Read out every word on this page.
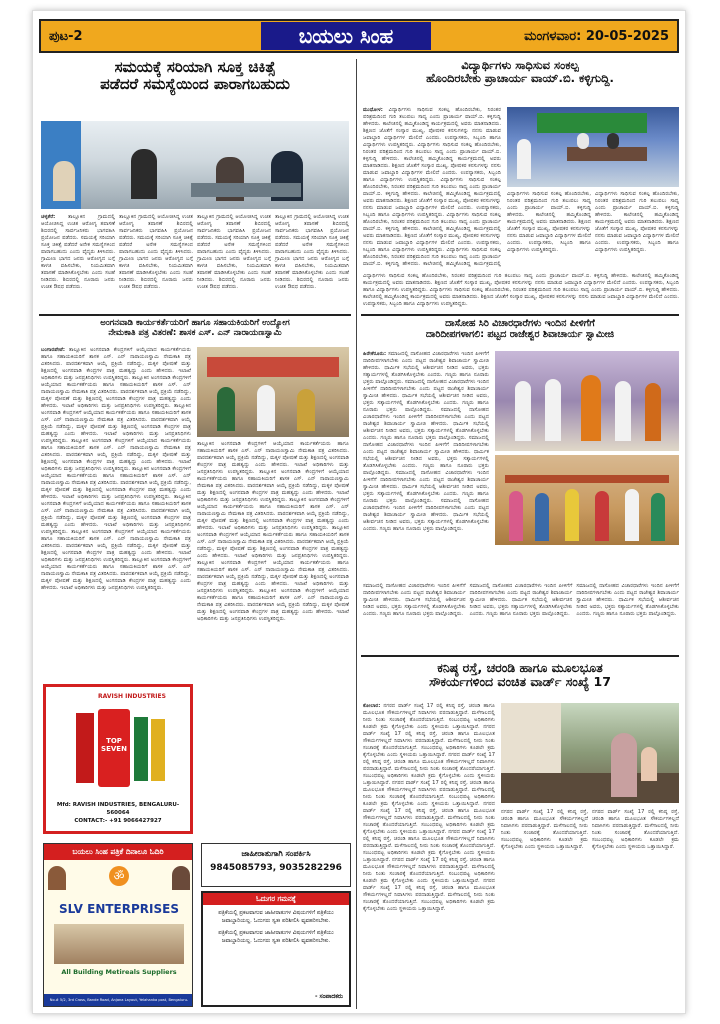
ಪುಟ-2	ಬಯಲು ಸಿಂಹ	ಮಂಗಳವಾರ: 20-05-2025
ಸಮಯಕ್ಕೆ ಸರಿಯಾಗಿ ಸೂಕ್ತ ಚಿಕಿತ್ಸೆ
ಪಡೆದರೆ ಸಮಸ್ಯೆಯಿಂದ ಪಾರಾಗಬಹುದು
ಚಳ್ಳಕೆರೆ: ತಾಲ್ಲೂಕಿನ ಗ್ರಾಮದಲ್ಲಿ ಆಯೋಜಿಸಿದ್ದ ಉಚಿತ ಆರೋಗ್ಯ ತಪಾಸಣೆ ಶಿಬಿರದಲ್ಲಿ ಸಾರ್ವಜನಿಕರು ಭಾಗವಹಿಸಿ ಪ್ರಯೋಜನ ಪಡೆದರು. ಸಮಯಕ್ಕೆ ಸರಿಯಾಗಿ ಸೂಕ್ತ ಚಿಕಿತ್ಸೆ ಪಡೆದರೆ ಅನೇಕ ಸಮಸ್ಯೆಗಳಿಂದ ಪಾರಾಗಬಹುದು ಎಂದು ವೈದ್ಯರು ತಿಳಿಸಿದರು. ಗ್ರಾಮೀಣ ಭಾಗದ ಜನರು ಆರೋಗ್ಯದ ಬಗ್ಗೆ ಕಾಳಜಿ ವಹಿಸಬೇಕು, ನಿಯಮಿತವಾಗಿ ತಪಾಸಣೆ ಮಾಡಿಸಿಕೊಳ್ಳಬೇಕು ಎಂದು ಸಲಹೆ ನೀಡಿದರು. ಶಿಬಿರದಲ್ಲಿ ನೂರಾರು ಜನರು ಉಚಿತ ಔಷಧ ಪಡೆದರು.
ತಾಲ್ಲೂಕಿನ ಗ್ರಾಮದಲ್ಲಿ ಆಯೋಜಿಸಿದ್ದ ಉಚಿತ ಆರೋಗ್ಯ ತಪಾಸಣೆ ಶಿಬಿರದಲ್ಲಿ ಸಾರ್ವಜನಿಕರು ಭಾಗವಹಿಸಿ ಪ್ರಯೋಜನ ಪಡೆದರು. ಸಮಯಕ್ಕೆ ಸರಿಯಾಗಿ ಸೂಕ್ತ ಚಿಕಿತ್ಸೆ ಪಡೆದರೆ ಅನೇಕ ಸಮಸ್ಯೆಗಳಿಂದ ಪಾರಾಗಬಹುದು ಎಂದು ವೈದ್ಯರು ತಿಳಿಸಿದರು. ಗ್ರಾಮೀಣ ಭಾಗದ ಜನರು ಆರೋಗ್ಯದ ಬಗ್ಗೆ ಕಾಳಜಿ ವಹಿಸಬೇಕು, ನಿಯಮಿತವಾಗಿ ತಪಾಸಣೆ ಮಾಡಿಸಿಕೊಳ್ಳಬೇಕು ಎಂದು ಸಲಹೆ ನೀಡಿದರು. ಶಿಬಿರದಲ್ಲಿ ನೂರಾರು ಜನರು ಉಚಿತ ಔಷಧ ಪಡೆದರು.
ತಾಲ್ಲೂಕಿನ ಗ್ರಾಮದಲ್ಲಿ ಆಯೋಜಿಸಿದ್ದ ಉಚಿತ ಆರೋಗ್ಯ ತಪಾಸಣೆ ಶಿಬಿರದಲ್ಲಿ ಸಾರ್ವಜನಿಕರು ಭಾಗವಹಿಸಿ ಪ್ರಯೋಜನ ಪಡೆದರು. ಸಮಯಕ್ಕೆ ಸರಿಯಾಗಿ ಸೂಕ್ತ ಚಿಕಿತ್ಸೆ ಪಡೆದರೆ ಅನೇಕ ಸಮಸ್ಯೆಗಳಿಂದ ಪಾರಾಗಬಹುದು ಎಂದು ವೈದ್ಯರು ತಿಳಿಸಿದರು. ಗ್ರಾಮೀಣ ಭಾಗದ ಜನರು ಆರೋಗ್ಯದ ಬಗ್ಗೆ ಕಾಳಜಿ ವಹಿಸಬೇಕು, ನಿಯಮಿತವಾಗಿ ತಪಾಸಣೆ ಮಾಡಿಸಿಕೊಳ್ಳಬೇಕು ಎಂದು ಸಲಹೆ ನೀಡಿದರು. ಶಿಬಿರದಲ್ಲಿ ನೂರಾರು ಜನರು ಉಚಿತ ಔಷಧ ಪಡೆದರು.
ತಾಲ್ಲೂಕಿನ ಗ್ರಾಮದಲ್ಲಿ ಆಯೋಜಿಸಿದ್ದ ಉಚಿತ ಆರೋಗ್ಯ ತಪಾಸಣೆ ಶಿಬಿರದಲ್ಲಿ ಸಾರ್ವಜನಿಕರು ಭಾಗವಹಿಸಿ ಪ್ರಯೋಜನ ಪಡೆದರು. ಸಮಯಕ್ಕೆ ಸರಿಯಾಗಿ ಸೂಕ್ತ ಚಿಕಿತ್ಸೆ ಪಡೆದರೆ ಅನೇಕ ಸಮಸ್ಯೆಗಳಿಂದ ಪಾರಾಗಬಹುದು ಎಂದು ವೈದ್ಯರು ತಿಳಿಸಿದರು. ಗ್ರಾಮೀಣ ಭಾಗದ ಜನರು ಆರೋಗ್ಯದ ಬಗ್ಗೆ ಕಾಳಜಿ ವಹಿಸಬೇಕು, ನಿಯಮಿತವಾಗಿ ತಪಾಸಣೆ ಮಾಡಿಸಿಕೊಳ್ಳಬೇಕು ಎಂದು ಸಲಹೆ ನೀಡಿದರು. ಶಿಬಿರದಲ್ಲಿ ನೂರಾರು ಜನರು ಉಚಿತ ಔಷಧ ಪಡೆದರು.
ಅಂಗನವಾಡಿ ಕಾರ್ಯಕರ್ತೆಯರಿಗೆ ಹಾಗೂ ಸಹಾಯಕಿಯರಿಗೆ ಉದ್ಯೋಗ
ನೇಮಕಾತಿ ಪತ್ರ ವಿತರಣೆ: ಶಾಸಕ ಎಸ್. ಎನ್ ನಾರಾಯಣಸ್ವಾಮಿ
ಬಂಗಾರಪೇಟೆ: ತಾಲ್ಲೂಕಿನ ಅಂಗನವಾಡಿ ಕೇಂದ್ರಗಳಿಗೆ ಆಯ್ಕೆಯಾದ ಕಾರ್ಯಕರ್ತೆಯರು ಹಾಗೂ ಸಹಾಯಕಿಯರಿಗೆ ಶಾಸಕ ಎಸ್. ಎನ್ ನಾರಾಯಣಸ್ವಾಮಿ ನೇಮಕಾತಿ ಪತ್ರ ವಿತರಿಸಿದರು. ಪಾರದರ್ಶಕವಾಗಿ ಆಯ್ಕೆ ಪ್ರಕ್ರಿಯೆ ನಡೆದಿದ್ದು, ಮಕ್ಕಳ ಪೋಷಣೆ ಮತ್ತು ಶಿಕ್ಷಣದಲ್ಲಿ ಅಂಗನವಾಡಿ ಕೇಂದ್ರಗಳ ಪಾತ್ರ ಮಹತ್ವದ್ದು ಎಂದು ಹೇಳಿದರು. ಇಲಾಖೆ ಅಧಿಕಾರಿಗಳು ಮತ್ತು ಜನಪ್ರತಿನಿಧಿಗಳು ಉಪಸ್ಥಿತರಿದ್ದರು. ತಾಲ್ಲೂಕಿನ ಅಂಗನವಾಡಿ ಕೇಂದ್ರಗಳಿಗೆ ಆಯ್ಕೆಯಾದ ಕಾರ್ಯಕರ್ತೆಯರು ಹಾಗೂ ಸಹಾಯಕಿಯರಿಗೆ ಶಾಸಕ ಎಸ್. ಎನ್ ನಾರಾಯಣಸ್ವಾಮಿ ನೇಮಕಾತಿ ಪತ್ರ ವಿತರಿಸಿದರು. ಪಾರದರ್ಶಕವಾಗಿ ಆಯ್ಕೆ ಪ್ರಕ್ರಿಯೆ ನಡೆದಿದ್ದು, ಮಕ್ಕಳ ಪೋಷಣೆ ಮತ್ತು ಶಿಕ್ಷಣದಲ್ಲಿ ಅಂಗನವಾಡಿ ಕೇಂದ್ರಗಳ ಪಾತ್ರ ಮಹತ್ವದ್ದು ಎಂದು ಹೇಳಿದರು. ಇಲಾಖೆ ಅಧಿಕಾರಿಗಳು ಮತ್ತು ಜನಪ್ರತಿನಿಧಿಗಳು ಉಪಸ್ಥಿತರಿದ್ದರು. ತಾಲ್ಲೂಕಿನ ಅಂಗನವಾಡಿ ಕೇಂದ್ರಗಳಿಗೆ ಆಯ್ಕೆಯಾದ ಕಾರ್ಯಕರ್ತೆಯರು ಹಾಗೂ ಸಹಾಯಕಿಯರಿಗೆ ಶಾಸಕ ಎಸ್. ಎನ್ ನಾರಾಯಣಸ್ವಾಮಿ ನೇಮಕಾತಿ ಪತ್ರ ವಿತರಿಸಿದರು. ಪಾರದರ್ಶಕವಾಗಿ ಆಯ್ಕೆ ಪ್ರಕ್ರಿಯೆ ನಡೆದಿದ್ದು, ಮಕ್ಕಳ ಪೋಷಣೆ ಮತ್ತು ಶಿಕ್ಷಣದಲ್ಲಿ ಅಂಗನವಾಡಿ ಕೇಂದ್ರಗಳ ಪಾತ್ರ ಮಹತ್ವದ್ದು ಎಂದು ಹೇಳಿದರು. ಇಲಾಖೆ ಅಧಿಕಾರಿಗಳು ಮತ್ತು ಜನಪ್ರತಿನಿಧಿಗಳು ಉಪಸ್ಥಿತರಿದ್ದರು. ತಾಲ್ಲೂಕಿನ ಅಂಗನವಾಡಿ ಕೇಂದ್ರಗಳಿಗೆ ಆಯ್ಕೆಯಾದ ಕಾರ್ಯಕರ್ತೆಯರು ಹಾಗೂ ಸಹಾಯಕಿಯರಿಗೆ ಶಾಸಕ ಎಸ್. ಎನ್ ನಾರಾಯಣಸ್ವಾಮಿ ನೇಮಕಾತಿ ಪತ್ರ ವಿತರಿಸಿದರು. ಪಾರದರ್ಶಕವಾಗಿ ಆಯ್ಕೆ ಪ್ರಕ್ರಿಯೆ ನಡೆದಿದ್ದು, ಮಕ್ಕಳ ಪೋಷಣೆ ಮತ್ತು ಶಿಕ್ಷಣದಲ್ಲಿ ಅಂಗನವಾಡಿ ಕೇಂದ್ರಗಳ ಪಾತ್ರ ಮಹತ್ವದ್ದು ಎಂದು ಹೇಳಿದರು. ಇಲಾಖೆ ಅಧಿಕಾರಿಗಳು ಮತ್ತು ಜನಪ್ರತಿನಿಧಿಗಳು ಉಪಸ್ಥಿತರಿದ್ದರು. ತಾಲ್ಲೂಕಿನ ಅಂಗನವಾಡಿ ಕೇಂದ್ರಗಳಿಗೆ ಆಯ್ಕೆಯಾದ ಕಾರ್ಯಕರ್ತೆಯರು ಹಾಗೂ ಸಹಾಯಕಿಯರಿಗೆ ಶಾಸಕ ಎಸ್. ಎನ್ ನಾರಾಯಣಸ್ವಾಮಿ ನೇಮಕಾತಿ ಪತ್ರ ವಿತರಿಸಿದರು. ಪಾರದರ್ಶಕವಾಗಿ ಆಯ್ಕೆ ಪ್ರಕ್ರಿಯೆ ನಡೆದಿದ್ದು, ಮಕ್ಕಳ ಪೋಷಣೆ ಮತ್ತು ಶಿಕ್ಷಣದಲ್ಲಿ ಅಂಗನವಾಡಿ ಕೇಂದ್ರಗಳ ಪಾತ್ರ ಮಹತ್ವದ್ದು ಎಂದು ಹೇಳಿದರು. ಇಲಾಖೆ ಅಧಿಕಾರಿಗಳು ಮತ್ತು ಜನಪ್ರತಿನಿಧಿಗಳು ಉಪಸ್ಥಿತರಿದ್ದರು. ತಾಲ್ಲೂಕಿನ ಅಂಗನವಾಡಿ ಕೇಂದ್ರಗಳಿಗೆ ಆಯ್ಕೆಯಾದ ಕಾರ್ಯಕರ್ತೆಯರು ಹಾಗೂ ಸಹಾಯಕಿಯರಿಗೆ ಶಾಸಕ ಎಸ್. ಎನ್ ನಾರಾಯಣಸ್ವಾಮಿ ನೇಮಕಾತಿ ಪತ್ರ ವಿತರಿಸಿದರು. ಪಾರದರ್ಶಕವಾಗಿ ಆಯ್ಕೆ ಪ್ರಕ್ರಿಯೆ ನಡೆದಿದ್ದು, ಮಕ್ಕಳ ಪೋಷಣೆ ಮತ್ತು ಶಿಕ್ಷಣದಲ್ಲಿ ಅಂಗನವಾಡಿ ಕೇಂದ್ರಗಳ ಪಾತ್ರ ಮಹತ್ವದ್ದು ಎಂದು ಹೇಳಿದರು. ಇಲಾಖೆ ಅಧಿಕಾರಿಗಳು ಮತ್ತು ಜನಪ್ರತಿನಿಧಿಗಳು ಉಪಸ್ಥಿತರಿದ್ದರು. ತಾಲ್ಲೂಕಿನ ಅಂಗನವಾಡಿ ಕೇಂದ್ರಗಳಿಗೆ ಆಯ್ಕೆಯಾದ ಕಾರ್ಯಕರ್ತೆಯರು ಹಾಗೂ ಸಹಾಯಕಿಯರಿಗೆ ಶಾಸಕ ಎಸ್. ಎನ್ ನಾರಾಯಣಸ್ವಾಮಿ ನೇಮಕಾತಿ ಪತ್ರ ವಿತರಿಸಿದರು. ಪಾರದರ್ಶಕವಾಗಿ ಆಯ್ಕೆ ಪ್ರಕ್ರಿಯೆ ನಡೆದಿದ್ದು, ಮಕ್ಕಳ ಪೋಷಣೆ ಮತ್ತು ಶಿಕ್ಷಣದಲ್ಲಿ ಅಂಗನವಾಡಿ ಕೇಂದ್ರಗಳ ಪಾತ್ರ ಮಹತ್ವದ್ದು ಎಂದು ಹೇಳಿದರು. ಇಲಾಖೆ ಅಧಿಕಾರಿಗಳು ಮತ್ತು ಜನಪ್ರತಿನಿಧಿಗಳು ಉಪಸ್ಥಿತರಿದ್ದರು. ತಾಲ್ಲೂಕಿನ ಅಂಗನವಾಡಿ ಕೇಂದ್ರಗಳಿಗೆ ಆಯ್ಕೆಯಾದ ಕಾರ್ಯಕರ್ತೆಯರು ಹಾಗೂ ಸಹಾಯಕಿಯರಿಗೆ ಶಾಸಕ ಎಸ್. ಎನ್ ನಾರಾಯಣಸ್ವಾಮಿ ನೇಮಕಾತಿ ಪತ್ರ ವಿತರಿಸಿದರು. ಪಾರದರ್ಶಕವಾಗಿ ಆಯ್ಕೆ ಪ್ರಕ್ರಿಯೆ ನಡೆದಿದ್ದು, ಮಕ್ಕಳ ಪೋಷಣೆ ಮತ್ತು ಶಿಕ್ಷಣದಲ್ಲಿ ಅಂಗನವಾಡಿ ಕೇಂದ್ರಗಳ ಪಾತ್ರ ಮಹತ್ವದ್ದು ಎಂದು ಹೇಳಿದರು. ಇಲಾಖೆ ಅಧಿಕಾರಿಗಳು ಮತ್ತು ಜನಪ್ರತಿನಿಧಿಗಳು ಉಪಸ್ಥಿತರಿದ್ದರು.
ತಾಲ್ಲೂಕಿನ ಅಂಗನವಾಡಿ ಕೇಂದ್ರಗಳಿಗೆ ಆಯ್ಕೆಯಾದ ಕಾರ್ಯಕರ್ತೆಯರು ಹಾಗೂ ಸಹಾಯಕಿಯರಿಗೆ ಶಾಸಕ ಎಸ್. ಎನ್ ನಾರಾಯಣಸ್ವಾಮಿ ನೇಮಕಾತಿ ಪತ್ರ ವಿತರಿಸಿದರು. ಪಾರದರ್ಶಕವಾಗಿ ಆಯ್ಕೆ ಪ್ರಕ್ರಿಯೆ ನಡೆದಿದ್ದು, ಮಕ್ಕಳ ಪೋಷಣೆ ಮತ್ತು ಶಿಕ್ಷಣದಲ್ಲಿ ಅಂಗನವಾಡಿ ಕೇಂದ್ರಗಳ ಪಾತ್ರ ಮಹತ್ವದ್ದು ಎಂದು ಹೇಳಿದರು. ಇಲಾಖೆ ಅಧಿಕಾರಿಗಳು ಮತ್ತು ಜನಪ್ರತಿನಿಧಿಗಳು ಉಪಸ್ಥಿತರಿದ್ದರು. ತಾಲ್ಲೂಕಿನ ಅಂಗನವಾಡಿ ಕೇಂದ್ರಗಳಿಗೆ ಆಯ್ಕೆಯಾದ ಕಾರ್ಯಕರ್ತೆಯರು ಹಾಗೂ ಸಹಾಯಕಿಯರಿಗೆ ಶಾಸಕ ಎಸ್. ಎನ್ ನಾರಾಯಣಸ್ವಾಮಿ ನೇಮಕಾತಿ ಪತ್ರ ವಿತರಿಸಿದರು. ಪಾರದರ್ಶಕವಾಗಿ ಆಯ್ಕೆ ಪ್ರಕ್ರಿಯೆ ನಡೆದಿದ್ದು, ಮಕ್ಕಳ ಪೋಷಣೆ ಮತ್ತು ಶಿಕ್ಷಣದಲ್ಲಿ ಅಂಗನವಾಡಿ ಕೇಂದ್ರಗಳ ಪಾತ್ರ ಮಹತ್ವದ್ದು ಎಂದು ಹೇಳಿದರು. ಇಲಾಖೆ ಅಧಿಕಾರಿಗಳು ಮತ್ತು ಜನಪ್ರತಿನಿಧಿಗಳು ಉಪಸ್ಥಿತರಿದ್ದರು. ತಾಲ್ಲೂಕಿನ ಅಂಗನವಾಡಿ ಕೇಂದ್ರಗಳಿಗೆ ಆಯ್ಕೆಯಾದ ಕಾರ್ಯಕರ್ತೆಯರು ಹಾಗೂ ಸಹಾಯಕಿಯರಿಗೆ ಶಾಸಕ ಎಸ್. ಎನ್ ನಾರಾಯಣಸ್ವಾಮಿ ನೇಮಕಾತಿ ಪತ್ರ ವಿತರಿಸಿದರು. ಪಾರದರ್ಶಕವಾಗಿ ಆಯ್ಕೆ ಪ್ರಕ್ರಿಯೆ ನಡೆದಿದ್ದು, ಮಕ್ಕಳ ಪೋಷಣೆ ಮತ್ತು ಶಿಕ್ಷಣದಲ್ಲಿ ಅಂಗನವಾಡಿ ಕೇಂದ್ರಗಳ ಪಾತ್ರ ಮಹತ್ವದ್ದು ಎಂದು ಹೇಳಿದರು. ಇಲಾಖೆ ಅಧಿಕಾರಿಗಳು ಮತ್ತು ಜನಪ್ರತಿನಿಧಿಗಳು ಉಪಸ್ಥಿತರಿದ್ದರು. ತಾಲ್ಲೂಕಿನ ಅಂಗನವಾಡಿ ಕೇಂದ್ರಗಳಿಗೆ ಆಯ್ಕೆಯಾದ ಕಾರ್ಯಕರ್ತೆಯರು ಹಾಗೂ ಸಹಾಯಕಿಯರಿಗೆ ಶಾಸಕ ಎಸ್. ಎನ್ ನಾರಾಯಣಸ್ವಾಮಿ ನೇಮಕಾತಿ ಪತ್ರ ವಿತರಿಸಿದರು. ಪಾರದರ್ಶಕವಾಗಿ ಆಯ್ಕೆ ಪ್ರಕ್ರಿಯೆ ನಡೆದಿದ್ದು, ಮಕ್ಕಳ ಪೋಷಣೆ ಮತ್ತು ಶಿಕ್ಷಣದಲ್ಲಿ ಅಂಗನವಾಡಿ ಕೇಂದ್ರಗಳ ಪಾತ್ರ ಮಹತ್ವದ್ದು ಎಂದು ಹೇಳಿದರು. ಇಲಾಖೆ ಅಧಿಕಾರಿಗಳು ಮತ್ತು ಜನಪ್ರತಿನಿಧಿಗಳು ಉಪಸ್ಥಿತರಿದ್ದರು. ತಾಲ್ಲೂಕಿನ ಅಂಗನವಾಡಿ ಕೇಂದ್ರಗಳಿಗೆ ಆಯ್ಕೆಯಾದ ಕಾರ್ಯಕರ್ತೆಯರು ಹಾಗೂ ಸಹಾಯಕಿಯರಿಗೆ ಶಾಸಕ ಎಸ್. ಎನ್ ನಾರಾಯಣಸ್ವಾಮಿ ನೇಮಕಾತಿ ಪತ್ರ ವಿತರಿಸಿದರು. ಪಾರದರ್ಶಕವಾಗಿ ಆಯ್ಕೆ ಪ್ರಕ್ರಿಯೆ ನಡೆದಿದ್ದು, ಮಕ್ಕಳ ಪೋಷಣೆ ಮತ್ತು ಶಿಕ್ಷಣದಲ್ಲಿ ಅಂಗನವಾಡಿ ಕೇಂದ್ರಗಳ ಪಾತ್ರ ಮಹತ್ವದ್ದು ಎಂದು ಹೇಳಿದರು. ಇಲಾಖೆ ಅಧಿಕಾರಿಗಳು ಮತ್ತು ಜನಪ್ರತಿನಿಧಿಗಳು ಉಪಸ್ಥಿತರಿದ್ದರು. ತಾಲ್ಲೂಕಿನ ಅಂಗನವಾಡಿ ಕೇಂದ್ರಗಳಿಗೆ ಆಯ್ಕೆಯಾದ ಕಾರ್ಯಕರ್ತೆಯರು ಹಾಗೂ ಸಹಾಯಕಿಯರಿಗೆ ಶಾಸಕ ಎಸ್. ಎನ್ ನಾರಾಯಣಸ್ವಾಮಿ ನೇಮಕಾತಿ ಪತ್ರ ವಿತರಿಸಿದರು. ಪಾರದರ್ಶಕವಾಗಿ ಆಯ್ಕೆ ಪ್ರಕ್ರಿಯೆ ನಡೆದಿದ್ದು, ಮಕ್ಕಳ ಪೋಷಣೆ ಮತ್ತು ಶಿಕ್ಷಣದಲ್ಲಿ ಅಂಗನವಾಡಿ ಕೇಂದ್ರಗಳ ಪಾತ್ರ ಮಹತ್ವದ್ದು ಎಂದು ಹೇಳಿದರು. ಇಲಾಖೆ ಅಧಿಕಾರಿಗಳು ಮತ್ತು ಜನಪ್ರತಿನಿಧಿಗಳು ಉಪಸ್ಥಿತರಿದ್ದರು.
RAVISH INDUSTRIES
TOP SEVEN
Mfd: RAVISH INDUSTRIES, BENGALURU-560064
CONTACT:- +91 9066427927
ಬಯಲು ಸಿಂಹ ಪತ್ರಿಕೆ ದಿನಾಲೂ ಓದಿರಿ
ॐ
SLV ENTERPRISES
All Building Metireals Suppliers
No.# 5/2, 3rd Cross, Bande Road, Anjana Layout, Yelahanka post, Bengaluru-
ಜಾಹೀರಾತುಗಾಗಿ ಸಂಪರ್ಕಿಸಿ
9845085793, 9035282296
ಓದುಗರ ಗಮನಕ್ಕೆ
ಪತ್ರಿಕೆಯಲ್ಲಿ ಪ್ರಕಟವಾಗುವ ಜಾಹೀರಾತುಗಳ ವಿಷಯಗಳಿಗೆ ಪತ್ರಿಕೆಯು ಜವಾಬ್ದಾರಿಯಲ್ಲ. ಓದುಗರು ಸ್ವತಃ ಪರಿಶೀಲಿಸಿ ವ್ಯವಹರಿಸಬೇಕು.
ಪತ್ರಿಕೆಯಲ್ಲಿ ಪ್ರಕಟವಾಗುವ ಜಾಹೀರಾತುಗಳ ವಿಷಯಗಳಿಗೆ ಪತ್ರಿಕೆಯು ಜವಾಬ್ದಾರಿಯಲ್ಲ. ಓದುಗರು ಸ್ವತಃ ಪರಿಶೀಲಿಸಿ ವ್ಯವಹರಿಸಬೇಕು.
- ಸಂಪಾದಕರು
ವಿದ್ಯಾರ್ಥಿಗಳು ಸಾಧಿಸುವ ಸಂಕಲ್ಪ
ಹೊಂದಿರಬೇಕು ಪ್ರಾಚಾರ್ಯ ವಾಯ್.ಬಿ. ಕಳ್ಳಿಗುದ್ದಿ.
ಮುಧೋಳ: ವಿದ್ಯಾರ್ಥಿಗಳು ಸಾಧಿಸುವ ಸಂಕಲ್ಪ ಹೊಂದಿರಬೇಕು, ನಿರಂತರ ಪರಿಶ್ರಮದಿಂದ ಗುರಿ ತಲುಪಲು ಸಾಧ್ಯ ಎಂದು ಪ್ರಾಚಾರ್ಯ ವಾಯ್.ಬಿ. ಕಳ್ಳಿಗುದ್ದಿ ಹೇಳಿದರು. ಕಾಲೇಜಿನಲ್ಲಿ ಹಮ್ಮಿಕೊಂಡಿದ್ದ ಕಾರ್ಯಕ್ರಮದಲ್ಲಿ ಅವರು ಮಾತನಾಡಿದರು. ಶಿಕ್ಷಣದ ಜೊತೆಗೆ ಸಂಸ್ಕಾರ ಮುಖ್ಯ, ಪೋಷಕರ ಕನಸುಗಳನ್ನು ನನಸು ಮಾಡುವ ಜವಾಬ್ದಾರಿ ವಿದ್ಯಾರ್ಥಿಗಳ ಮೇಲಿದೆ ಎಂದರು. ಉಪನ್ಯಾಸಕರು, ಸಿಬ್ಬಂದಿ ಹಾಗೂ ವಿದ್ಯಾರ್ಥಿಗಳು ಉಪಸ್ಥಿತರಿದ್ದರು. ವಿದ್ಯಾರ್ಥಿಗಳು ಸಾಧಿಸುವ ಸಂಕಲ್ಪ ಹೊಂದಿರಬೇಕು, ನಿರಂತರ ಪರಿಶ್ರಮದಿಂದ ಗುರಿ ತಲುಪಲು ಸಾಧ್ಯ ಎಂದು ಪ್ರಾಚಾರ್ಯ ವಾಯ್.ಬಿ. ಕಳ್ಳಿಗುದ್ದಿ ಹೇಳಿದರು. ಕಾಲೇಜಿನಲ್ಲಿ ಹಮ್ಮಿಕೊಂಡಿದ್ದ ಕಾರ್ಯಕ್ರಮದಲ್ಲಿ ಅವರು ಮಾತನಾಡಿದರು. ಶಿಕ್ಷಣದ ಜೊತೆಗೆ ಸಂಸ್ಕಾರ ಮುಖ್ಯ, ಪೋಷಕರ ಕನಸುಗಳನ್ನು ನನಸು ಮಾಡುವ ಜವಾಬ್ದಾರಿ ವಿದ್ಯಾರ್ಥಿಗಳ ಮೇಲಿದೆ ಎಂದರು. ಉಪನ್ಯಾಸಕರು, ಸಿಬ್ಬಂದಿ ಹಾಗೂ ವಿದ್ಯಾರ್ಥಿಗಳು ಉಪಸ್ಥಿತರಿದ್ದರು. ವಿದ್ಯಾರ್ಥಿಗಳು ಸಾಧಿಸುವ ಸಂಕಲ್ಪ ಹೊಂದಿರಬೇಕು, ನಿರಂತರ ಪರಿಶ್ರಮದಿಂದ ಗುರಿ ತಲುಪಲು ಸಾಧ್ಯ ಎಂದು ಪ್ರಾಚಾರ್ಯ ವಾಯ್.ಬಿ. ಕಳ್ಳಿಗುದ್ದಿ ಹೇಳಿದರು. ಕಾಲೇಜಿನಲ್ಲಿ ಹಮ್ಮಿಕೊಂಡಿದ್ದ ಕಾರ್ಯಕ್ರಮದಲ್ಲಿ ಅವರು ಮಾತನಾಡಿದರು. ಶಿಕ್ಷಣದ ಜೊತೆಗೆ ಸಂಸ್ಕಾರ ಮುಖ್ಯ, ಪೋಷಕರ ಕನಸುಗಳನ್ನು ನನಸು ಮಾಡುವ ಜವಾಬ್ದಾರಿ ವಿದ್ಯಾರ್ಥಿಗಳ ಮೇಲಿದೆ ಎಂದರು. ಉಪನ್ಯಾಸಕರು, ಸಿಬ್ಬಂದಿ ಹಾಗೂ ವಿದ್ಯಾರ್ಥಿಗಳು ಉಪಸ್ಥಿತರಿದ್ದರು. ವಿದ್ಯಾರ್ಥಿಗಳು ಸಾಧಿಸುವ ಸಂಕಲ್ಪ ಹೊಂದಿರಬೇಕು, ನಿರಂತರ ಪರಿಶ್ರಮದಿಂದ ಗುರಿ ತಲುಪಲು ಸಾಧ್ಯ ಎಂದು ಪ್ರಾಚಾರ್ಯ ವಾಯ್.ಬಿ. ಕಳ್ಳಿಗುದ್ದಿ ಹೇಳಿದರು. ಕಾಲೇಜಿನಲ್ಲಿ ಹಮ್ಮಿಕೊಂಡಿದ್ದ ಕಾರ್ಯಕ್ರಮದಲ್ಲಿ ಅವರು ಮಾತನಾಡಿದರು. ಶಿಕ್ಷಣದ ಜೊತೆಗೆ ಸಂಸ್ಕಾರ ಮುಖ್ಯ, ಪೋಷಕರ ಕನಸುಗಳನ್ನು ನನಸು ಮಾಡುವ ಜವಾಬ್ದಾರಿ ವಿದ್ಯಾರ್ಥಿಗಳ ಮೇಲಿದೆ ಎಂದರು. ಉಪನ್ಯಾಸಕರು, ಸಿಬ್ಬಂದಿ ಹಾಗೂ ವಿದ್ಯಾರ್ಥಿಗಳು ಉಪಸ್ಥಿತರಿದ್ದರು. ವಿದ್ಯಾರ್ಥಿಗಳು ಸಾಧಿಸುವ ಸಂಕಲ್ಪ ಹೊಂದಿರಬೇಕು, ನಿರಂತರ ಪರಿಶ್ರಮದಿಂದ ಗುರಿ ತಲುಪಲು ಸಾಧ್ಯ ಎಂದು ಪ್ರಾಚಾರ್ಯ ವಾಯ್.ಬಿ. ಕಳ್ಳಿಗುದ್ದಿ ಹೇಳಿದರು. ಕಾಲೇಜಿನಲ್ಲಿ ಹಮ್ಮಿಕೊಂಡಿದ್ದ ಕಾರ್ಯಕ್ರಮದಲ್ಲಿ
ವಿದ್ಯಾರ್ಥಿಗಳು ಸಾಧಿಸುವ ಸಂಕಲ್ಪ ಹೊಂದಿರಬೇಕು, ನಿರಂತರ ಪರಿಶ್ರಮದಿಂದ ಗುರಿ ತಲುಪಲು ಸಾಧ್ಯ ಎಂದು ಪ್ರಾಚಾರ್ಯ ವಾಯ್.ಬಿ. ಕಳ್ಳಿಗುದ್ದಿ ಹೇಳಿದರು. ಕಾಲೇಜಿನಲ್ಲಿ ಹಮ್ಮಿಕೊಂಡಿದ್ದ ಕಾರ್ಯಕ್ರಮದಲ್ಲಿ ಅವರು ಮಾತನಾಡಿದರು. ಶಿಕ್ಷಣದ ಜೊತೆಗೆ ಸಂಸ್ಕಾರ ಮುಖ್ಯ, ಪೋಷಕರ ಕನಸುಗಳನ್ನು ನನಸು ಮಾಡುವ ಜವಾಬ್ದಾರಿ ವಿದ್ಯಾರ್ಥಿಗಳ ಮೇಲಿದೆ ಎಂದರು. ಉಪನ್ಯಾಸಕರು, ಸಿಬ್ಬಂದಿ ಹಾಗೂ ವಿದ್ಯಾರ್ಥಿಗಳು ಉಪಸ್ಥಿತರಿದ್ದರು.
ವಿದ್ಯಾರ್ಥಿಗಳು ಸಾಧಿಸುವ ಸಂಕಲ್ಪ ಹೊಂದಿರಬೇಕು, ನಿರಂತರ ಪರಿಶ್ರಮದಿಂದ ಗುರಿ ತಲುಪಲು ಸಾಧ್ಯ ಎಂದು ಪ್ರಾಚಾರ್ಯ ವಾಯ್.ಬಿ. ಕಳ್ಳಿಗುದ್ದಿ ಹೇಳಿದರು. ಕಾಲೇಜಿನಲ್ಲಿ ಹಮ್ಮಿಕೊಂಡಿದ್ದ ಕಾರ್ಯಕ್ರಮದಲ್ಲಿ ಅವರು ಮಾತನಾಡಿದರು. ಶಿಕ್ಷಣದ ಜೊತೆಗೆ ಸಂಸ್ಕಾರ ಮುಖ್ಯ, ಪೋಷಕರ ಕನಸುಗಳನ್ನು ನನಸು ಮಾಡುವ ಜವಾಬ್ದಾರಿ ವಿದ್ಯಾರ್ಥಿಗಳ ಮೇಲಿದೆ ಎಂದರು. ಉಪನ್ಯಾಸಕರು, ಸಿಬ್ಬಂದಿ ಹಾಗೂ ವಿದ್ಯಾರ್ಥಿಗಳು ಉಪಸ್ಥಿತರಿದ್ದರು.
ವಿದ್ಯಾರ್ಥಿಗಳು ಸಾಧಿಸುವ ಸಂಕಲ್ಪ ಹೊಂದಿರಬೇಕು, ನಿರಂತರ ಪರಿಶ್ರಮದಿಂದ ಗುರಿ ತಲುಪಲು ಸಾಧ್ಯ ಎಂದು ಪ್ರಾಚಾರ್ಯ ವಾಯ್.ಬಿ. ಕಳ್ಳಿಗುದ್ದಿ ಹೇಳಿದರು. ಕಾಲೇಜಿನಲ್ಲಿ ಹಮ್ಮಿಕೊಂಡಿದ್ದ ಕಾರ್ಯಕ್ರಮದಲ್ಲಿ ಅವರು ಮಾತನಾಡಿದರು. ಶಿಕ್ಷಣದ ಜೊತೆಗೆ ಸಂಸ್ಕಾರ ಮುಖ್ಯ, ಪೋಷಕರ ಕನಸುಗಳನ್ನು ನನಸು ಮಾಡುವ ಜವಾಬ್ದಾರಿ ವಿದ್ಯಾರ್ಥಿಗಳ ಮೇಲಿದೆ ಎಂದರು. ಉಪನ್ಯಾಸಕರು, ಸಿಬ್ಬಂದಿ ಹಾಗೂ ವಿದ್ಯಾರ್ಥಿಗಳು ಉಪಸ್ಥಿತರಿದ್ದರು. ವಿದ್ಯಾರ್ಥಿಗಳು ಸಾಧಿಸುವ ಸಂಕಲ್ಪ ಹೊಂದಿರಬೇಕು, ನಿರಂತರ ಪರಿಶ್ರಮದಿಂದ ಗುರಿ ತಲುಪಲು ಸಾಧ್ಯ ಎಂದು ಪ್ರಾಚಾರ್ಯ ವಾಯ್.ಬಿ. ಕಳ್ಳಿಗುದ್ದಿ ಹೇಳಿದರು. ಕಾಲೇಜಿನಲ್ಲಿ ಹಮ್ಮಿಕೊಂಡಿದ್ದ ಕಾರ್ಯಕ್ರಮದಲ್ಲಿ ಅವರು ಮಾತನಾಡಿದರು. ಶಿಕ್ಷಣದ ಜೊತೆಗೆ ಸಂಸ್ಕಾರ ಮುಖ್ಯ, ಪೋಷಕರ ಕನಸುಗಳನ್ನು ನನಸು ಮಾಡುವ ಜವಾಬ್ದಾರಿ ವಿದ್ಯಾರ್ಥಿಗಳ ಮೇಲಿದೆ ಎಂದರು. ಉಪನ್ಯಾಸಕರು, ಸಿಬ್ಬಂದಿ ಹಾಗೂ ವಿದ್ಯಾರ್ಥಿಗಳು ಉಪಸ್ಥಿತರಿದ್ದರು.
ದಾಸೋಹ ಸಿರಿ ವಿಚಾರಧಾರೆಗಳು ಇಂದಿನ ಪೀಳಿಗೆಗೆ
ದಾರಿದೀಪಗಳಾಗಲಿ: ಪಟ್ಟದ ರಾಜೇಶ್ವರ ಶಿವಾಚಾರ್ಯ ಸ್ವಾಮೀಜಿ
ಹಿರೇಕೆರೂರು: ಸಮಾಜದಲ್ಲಿ ದಾಸೋಹದ ವಿಚಾರಧಾರೆಗಳು ಇಂದಿನ ಪೀಳಿಗೆಗೆ ದಾರಿದೀಪಗಳಾಗಬೇಕು ಎಂದು ಪಟ್ಟದ ರಾಜೇಶ್ವರ ಶಿವಾಚಾರ್ಯ ಸ್ವಾಮೀಜಿ ಹೇಳಿದರು. ಧಾರ್ಮಿಕ ಸಭೆಯಲ್ಲಿ ಆಶೀರ್ವಚನ ನೀಡಿದ ಅವರು, ಭಕ್ತರು ಸತ್ಕಾರ್ಯಗಳಲ್ಲಿ ತೊಡಗಿಸಿಕೊಳ್ಳಬೇಕು ಎಂದರು. ಗಣ್ಯರು ಹಾಗೂ ನೂರಾರು ಭಕ್ತರು ಪಾಲ್ಗೊಂಡಿದ್ದರು. ಸಮಾಜದಲ್ಲಿ ದಾಸೋಹದ ವಿಚಾರಧಾರೆಗಳು ಇಂದಿನ ಪೀಳಿಗೆಗೆ ದಾರಿದೀಪಗಳಾಗಬೇಕು ಎಂದು ಪಟ್ಟದ ರಾಜೇಶ್ವರ ಶಿವಾಚಾರ್ಯ ಸ್ವಾಮೀಜಿ ಹೇಳಿದರು. ಧಾರ್ಮಿಕ ಸಭೆಯಲ್ಲಿ ಆಶೀರ್ವಚನ ನೀಡಿದ ಅವರು, ಭಕ್ತರು ಸತ್ಕಾರ್ಯಗಳಲ್ಲಿ ತೊಡಗಿಸಿಕೊಳ್ಳಬೇಕು ಎಂದರು. ಗಣ್ಯರು ಹಾಗೂ ನೂರಾರು ಭಕ್ತರು ಪಾಲ್ಗೊಂಡಿದ್ದರು. ಸಮಾಜದಲ್ಲಿ ದಾಸೋಹದ ವಿಚಾರಧಾರೆಗಳು ಇಂದಿನ ಪೀಳಿಗೆಗೆ ದಾರಿದೀಪಗಳಾಗಬೇಕು ಎಂದು ಪಟ್ಟದ ರಾಜೇಶ್ವರ ಶಿವಾಚಾರ್ಯ ಸ್ವಾಮೀಜಿ ಹೇಳಿದರು. ಧಾರ್ಮಿಕ ಸಭೆಯಲ್ಲಿ ಆಶೀರ್ವಚನ ನೀಡಿದ ಅವರು, ಭಕ್ತರು ಸತ್ಕಾರ್ಯಗಳಲ್ಲಿ ತೊಡಗಿಸಿಕೊಳ್ಳಬೇಕು ಎಂದರು. ಗಣ್ಯರು ಹಾಗೂ ನೂರಾರು ಭಕ್ತರು ಪಾಲ್ಗೊಂಡಿದ್ದರು. ಸಮಾಜದಲ್ಲಿ ದಾಸೋಹದ ವಿಚಾರಧಾರೆಗಳು ಇಂದಿನ ಪೀಳಿಗೆಗೆ ದಾರಿದೀಪಗಳಾಗಬೇಕು ಎಂದು ಪಟ್ಟದ ರಾಜೇಶ್ವರ ಶಿವಾಚಾರ್ಯ ಸ್ವಾಮೀಜಿ ಹೇಳಿದರು. ಧಾರ್ಮಿಕ ಸಭೆಯಲ್ಲಿ ಆಶೀರ್ವಚನ ನೀಡಿದ ಅವರು, ಭಕ್ತರು ಸತ್ಕಾರ್ಯಗಳಲ್ಲಿ ತೊಡಗಿಸಿಕೊಳ್ಳಬೇಕು ಎಂದರು. ಗಣ್ಯರು ಹಾಗೂ ನೂರಾರು ಭಕ್ತರು ಪಾಲ್ಗೊಂಡಿದ್ದರು. ಸಮಾಜದಲ್ಲಿ ದಾಸೋಹದ ವಿಚಾರಧಾರೆಗಳು ಇಂದಿನ ಪೀಳಿಗೆಗೆ ದಾರಿದೀಪಗಳಾಗಬೇಕು ಎಂದು ಪಟ್ಟದ ರಾಜೇಶ್ವರ ಶಿವಾಚಾರ್ಯ ಸ್ವಾಮೀಜಿ ಹೇಳಿದರು. ಧಾರ್ಮಿಕ ಸಭೆಯಲ್ಲಿ ಆಶೀರ್ವಚನ ನೀಡಿದ ಅವರು, ಭಕ್ತರು ಸತ್ಕಾರ್ಯಗಳಲ್ಲಿ ತೊಡಗಿಸಿಕೊಳ್ಳಬೇಕು ಎಂದರು. ಗಣ್ಯರು ಹಾಗೂ ನೂರಾರು ಭಕ್ತರು ಪಾಲ್ಗೊಂಡಿದ್ದರು. ಸಮಾಜದಲ್ಲಿ ದಾಸೋಹದ ವಿಚಾರಧಾರೆಗಳು ಇಂದಿನ ಪೀಳಿಗೆಗೆ ದಾರಿದೀಪಗಳಾಗಬೇಕು ಎಂದು ಪಟ್ಟದ ರಾಜೇಶ್ವರ ಶಿವಾಚಾರ್ಯ ಸ್ವಾಮೀಜಿ ಹೇಳಿದರು. ಧಾರ್ಮಿಕ ಸಭೆಯಲ್ಲಿ ಆಶೀರ್ವಚನ ನೀಡಿದ ಅವರು, ಭಕ್ತರು ಸತ್ಕಾರ್ಯಗಳಲ್ಲಿ ತೊಡಗಿಸಿಕೊಳ್ಳಬೇಕು ಎಂದರು. ಗಣ್ಯರು ಹಾಗೂ ನೂರಾರು ಭಕ್ತರು ಪಾಲ್ಗೊಂಡಿದ್ದರು.
ಸಮಾಜದಲ್ಲಿ ದಾಸೋಹದ ವಿಚಾರಧಾರೆಗಳು ಇಂದಿನ ಪೀಳಿಗೆಗೆ ದಾರಿದೀಪಗಳಾಗಬೇಕು ಎಂದು ಪಟ್ಟದ ರಾಜೇಶ್ವರ ಶಿವಾಚಾರ್ಯ ಸ್ವಾಮೀಜಿ ಹೇಳಿದರು. ಧಾರ್ಮಿಕ ಸಭೆಯಲ್ಲಿ ಆಶೀರ್ವಚನ ನೀಡಿದ ಅವರು, ಭಕ್ತರು ಸತ್ಕಾರ್ಯಗಳಲ್ಲಿ ತೊಡಗಿಸಿಕೊಳ್ಳಬೇಕು ಎಂದರು. ಗಣ್ಯರು ಹಾಗೂ ನೂರಾರು ಭಕ್ತರು ಪಾಲ್ಗೊಂಡಿದ್ದರು.
ಸಮಾಜದಲ್ಲಿ ದಾಸೋಹದ ವಿಚಾರಧಾರೆಗಳು ಇಂದಿನ ಪೀಳಿಗೆಗೆ ದಾರಿದೀಪಗಳಾಗಬೇಕು ಎಂದು ಪಟ್ಟದ ರಾಜೇಶ್ವರ ಶಿವಾಚಾರ್ಯ ಸ್ವಾಮೀಜಿ ಹೇಳಿದರು. ಧಾರ್ಮಿಕ ಸಭೆಯಲ್ಲಿ ಆಶೀರ್ವಚನ ನೀಡಿದ ಅವರು, ಭಕ್ತರು ಸತ್ಕಾರ್ಯಗಳಲ್ಲಿ ತೊಡಗಿಸಿಕೊಳ್ಳಬೇಕು ಎಂದರು. ಗಣ್ಯರು ಹಾಗೂ ನೂರಾರು ಭಕ್ತರು ಪಾಲ್ಗೊಂಡಿದ್ದರು.
ಸಮಾಜದಲ್ಲಿ ದಾಸೋಹದ ವಿಚಾರಧಾರೆಗಳು ಇಂದಿನ ಪೀಳಿಗೆಗೆ ದಾರಿದೀಪಗಳಾಗಬೇಕು ಎಂದು ಪಟ್ಟದ ರಾಜೇಶ್ವರ ಶಿವಾಚಾರ್ಯ ಸ್ವಾಮೀಜಿ ಹೇಳಿದರು. ಧಾರ್ಮಿಕ ಸಭೆಯಲ್ಲಿ ಆಶೀರ್ವಚನ ನೀಡಿದ ಅವರು, ಭಕ್ತರು ಸತ್ಕಾರ್ಯಗಳಲ್ಲಿ ತೊಡಗಿಸಿಕೊಳ್ಳಬೇಕು ಎಂದರು. ಗಣ್ಯರು ಹಾಗೂ ನೂರಾರು ಭಕ್ತರು ಪಾಲ್ಗೊಂಡಿದ್ದರು.
ಕನಿಷ್ಠ ರಸ್ತೆ, ಚರಂಡಿ ಹಾಗೂ ಮೂಲಭೂತ
ಸೌಕರ್ಯಗಳಿಂದ ವಂಚಿತ ವಾರ್ಡ್ ಸಂಖ್ಯೆ 17
ಕೋಲಾರ: ನಗರದ ವಾರ್ಡ್ ಸಂಖ್ಯೆ 17 ರಲ್ಲಿ ಕನಿಷ್ಠ ರಸ್ತೆ, ಚರಂಡಿ ಹಾಗೂ ಮೂಲಭೂತ ಸೌಕರ್ಯಗಳಿಲ್ಲದೆ ನಿವಾಸಿಗಳು ಪರದಾಡುತ್ತಿದ್ದಾರೆ. ಮಳೆಗಾಲದಲ್ಲಿ ನೀರು ನಿಂತು ಸಂಚಾರಕ್ಕೆ ತೊಂದರೆಯಾಗುತ್ತಿದೆ. ಸಂಬಂಧಪಟ್ಟ ಅಧಿಕಾರಿಗಳು ಕೂಡಲೇ ಕ್ರಮ ಕೈಗೊಳ್ಳಬೇಕು ಎಂದು ಸ್ಥಳೀಯರು ಒತ್ತಾಯಿಸಿದ್ದಾರೆ. ನಗರದ ವಾರ್ಡ್ ಸಂಖ್ಯೆ 17 ರಲ್ಲಿ ಕನಿಷ್ಠ ರಸ್ತೆ, ಚರಂಡಿ ಹಾಗೂ ಮೂಲಭೂತ ಸೌಕರ್ಯಗಳಿಲ್ಲದೆ ನಿವಾಸಿಗಳು ಪರದಾಡುತ್ತಿದ್ದಾರೆ. ಮಳೆಗಾಲದಲ್ಲಿ ನೀರು ನಿಂತು ಸಂಚಾರಕ್ಕೆ ತೊಂದರೆಯಾಗುತ್ತಿದೆ. ಸಂಬಂಧಪಟ್ಟ ಅಧಿಕಾರಿಗಳು ಕೂಡಲೇ ಕ್ರಮ ಕೈಗೊಳ್ಳಬೇಕು ಎಂದು ಸ್ಥಳೀಯರು ಒತ್ತಾಯಿಸಿದ್ದಾರೆ. ನಗರದ ವಾರ್ಡ್ ಸಂಖ್ಯೆ 17 ರಲ್ಲಿ ಕನಿಷ್ಠ ರಸ್ತೆ, ಚರಂಡಿ ಹಾಗೂ ಮೂಲಭೂತ ಸೌಕರ್ಯಗಳಿಲ್ಲದೆ ನಿವಾಸಿಗಳು ಪರದಾಡುತ್ತಿದ್ದಾರೆ. ಮಳೆಗಾಲದಲ್ಲಿ ನೀರು ನಿಂತು ಸಂಚಾರಕ್ಕೆ ತೊಂದರೆಯಾಗುತ್ತಿದೆ. ಸಂಬಂಧಪಟ್ಟ ಅಧಿಕಾರಿಗಳು ಕೂಡಲೇ ಕ್ರಮ ಕೈಗೊಳ್ಳಬೇಕು ಎಂದು ಸ್ಥಳೀಯರು ಒತ್ತಾಯಿಸಿದ್ದಾರೆ. ನಗರದ ವಾರ್ಡ್ ಸಂಖ್ಯೆ 17 ರಲ್ಲಿ ಕನಿಷ್ಠ ರಸ್ತೆ, ಚರಂಡಿ ಹಾಗೂ ಮೂಲಭೂತ ಸೌಕರ್ಯಗಳಿಲ್ಲದೆ ನಿವಾಸಿಗಳು ಪರದಾಡುತ್ತಿದ್ದಾರೆ. ಮಳೆಗಾಲದಲ್ಲಿ ನೀರು ನಿಂತು ಸಂಚಾರಕ್ಕೆ ತೊಂದರೆಯಾಗುತ್ತಿದೆ. ಸಂಬಂಧಪಟ್ಟ ಅಧಿಕಾರಿಗಳು ಕೂಡಲೇ ಕ್ರಮ ಕೈಗೊಳ್ಳಬೇಕು ಎಂದು ಸ್ಥಳೀಯರು ಒತ್ತಾಯಿಸಿದ್ದಾರೆ. ನಗರದ ವಾರ್ಡ್ ಸಂಖ್ಯೆ 17 ರಲ್ಲಿ ಕನಿಷ್ಠ ರಸ್ತೆ, ಚರಂಡಿ ಹಾಗೂ ಮೂಲಭೂತ ಸೌಕರ್ಯಗಳಿಲ್ಲದೆ ನಿವಾಸಿಗಳು ಪರದಾಡುತ್ತಿದ್ದಾರೆ. ಮಳೆಗಾಲದಲ್ಲಿ ನೀರು ನಿಂತು ಸಂಚಾರಕ್ಕೆ ತೊಂದರೆಯಾಗುತ್ತಿದೆ. ಸಂಬಂಧಪಟ್ಟ ಅಧಿಕಾರಿಗಳು ಕೂಡಲೇ ಕ್ರಮ ಕೈಗೊಳ್ಳಬೇಕು ಎಂದು ಸ್ಥಳೀಯರು ಒತ್ತಾಯಿಸಿದ್ದಾರೆ. ನಗರದ ವಾರ್ಡ್ ಸಂಖ್ಯೆ 17 ರಲ್ಲಿ ಕನಿಷ್ಠ ರಸ್ತೆ, ಚರಂಡಿ ಹಾಗೂ ಮೂಲಭೂತ ಸೌಕರ್ಯಗಳಿಲ್ಲದೆ ನಿವಾಸಿಗಳು ಪರದಾಡುತ್ತಿದ್ದಾರೆ. ಮಳೆಗಾಲದಲ್ಲಿ ನೀರು ನಿಂತು ಸಂಚಾರಕ್ಕೆ ತೊಂದರೆಯಾಗುತ್ತಿದೆ. ಸಂಬಂಧಪಟ್ಟ ಅಧಿಕಾರಿಗಳು ಕೂಡಲೇ ಕ್ರಮ ಕೈಗೊಳ್ಳಬೇಕು ಎಂದು ಸ್ಥಳೀಯರು ಒತ್ತಾಯಿಸಿದ್ದಾರೆ. ನಗರದ ವಾರ್ಡ್ ಸಂಖ್ಯೆ 17 ರಲ್ಲಿ ಕನಿಷ್ಠ ರಸ್ತೆ, ಚರಂಡಿ ಹಾಗೂ ಮೂಲಭೂತ ಸೌಕರ್ಯಗಳಿಲ್ಲದೆ ನಿವಾಸಿಗಳು ಪರದಾಡುತ್ತಿದ್ದಾರೆ. ಮಳೆಗಾಲದಲ್ಲಿ ನೀರು ನಿಂತು ಸಂಚಾರಕ್ಕೆ ತೊಂದರೆಯಾಗುತ್ತಿದೆ. ಸಂಬಂಧಪಟ್ಟ ಅಧಿಕಾರಿಗಳು ಕೂಡಲೇ ಕ್ರಮ ಕೈಗೊಳ್ಳಬೇಕು ಎಂದು ಸ್ಥಳೀಯರು ಒತ್ತಾಯಿಸಿದ್ದಾರೆ. ನಗರದ ವಾರ್ಡ್ ಸಂಖ್ಯೆ 17 ರಲ್ಲಿ ಕನಿಷ್ಠ ರಸ್ತೆ, ಚರಂಡಿ ಹಾಗೂ ಮೂಲಭೂತ ಸೌಕರ್ಯಗಳಿಲ್ಲದೆ ನಿವಾಸಿಗಳು ಪರದಾಡುತ್ತಿದ್ದಾರೆ. ಮಳೆಗಾಲದಲ್ಲಿ ನೀರು ನಿಂತು ಸಂಚಾರಕ್ಕೆ ತೊಂದರೆಯಾಗುತ್ತಿದೆ. ಸಂಬಂಧಪಟ್ಟ ಅಧಿಕಾರಿಗಳು ಕೂಡಲೇ ಕ್ರಮ ಕೈಗೊಳ್ಳಬೇಕು ಎಂದು ಸ್ಥಳೀಯರು ಒತ್ತಾಯಿಸಿದ್ದಾರೆ.
ನಗರದ ವಾರ್ಡ್ ಸಂಖ್ಯೆ 17 ರಲ್ಲಿ ಕನಿಷ್ಠ ರಸ್ತೆ, ಚರಂಡಿ ಹಾಗೂ ಮೂಲಭೂತ ಸೌಕರ್ಯಗಳಿಲ್ಲದೆ ನಿವಾಸಿಗಳು ಪರದಾಡುತ್ತಿದ್ದಾರೆ. ಮಳೆಗಾಲದಲ್ಲಿ ನೀರು ನಿಂತು ಸಂಚಾರಕ್ಕೆ ತೊಂದರೆಯಾಗುತ್ತಿದೆ. ಸಂಬಂಧಪಟ್ಟ ಅಧಿಕಾರಿಗಳು ಕೂಡಲೇ ಕ್ರಮ ಕೈಗೊಳ್ಳಬೇಕು ಎಂದು ಸ್ಥಳೀಯರು ಒತ್ತಾಯಿಸಿದ್ದಾರೆ.
ನಗರದ ವಾರ್ಡ್ ಸಂಖ್ಯೆ 17 ರಲ್ಲಿ ಕನಿಷ್ಠ ರಸ್ತೆ, ಚರಂಡಿ ಹಾಗೂ ಮೂಲಭೂತ ಸೌಕರ್ಯಗಳಿಲ್ಲದೆ ನಿವಾಸಿಗಳು ಪರದಾಡುತ್ತಿದ್ದಾರೆ. ಮಳೆಗಾಲದಲ್ಲಿ ನೀರು ನಿಂತು ಸಂಚಾರಕ್ಕೆ ತೊಂದರೆಯಾಗುತ್ತಿದೆ. ಸಂಬಂಧಪಟ್ಟ ಅಧಿಕಾರಿಗಳು ಕೂಡಲೇ ಕ್ರಮ ಕೈಗೊಳ್ಳಬೇಕು ಎಂದು ಸ್ಥಳೀಯರು ಒತ್ತಾಯಿಸಿದ್ದಾರೆ.
